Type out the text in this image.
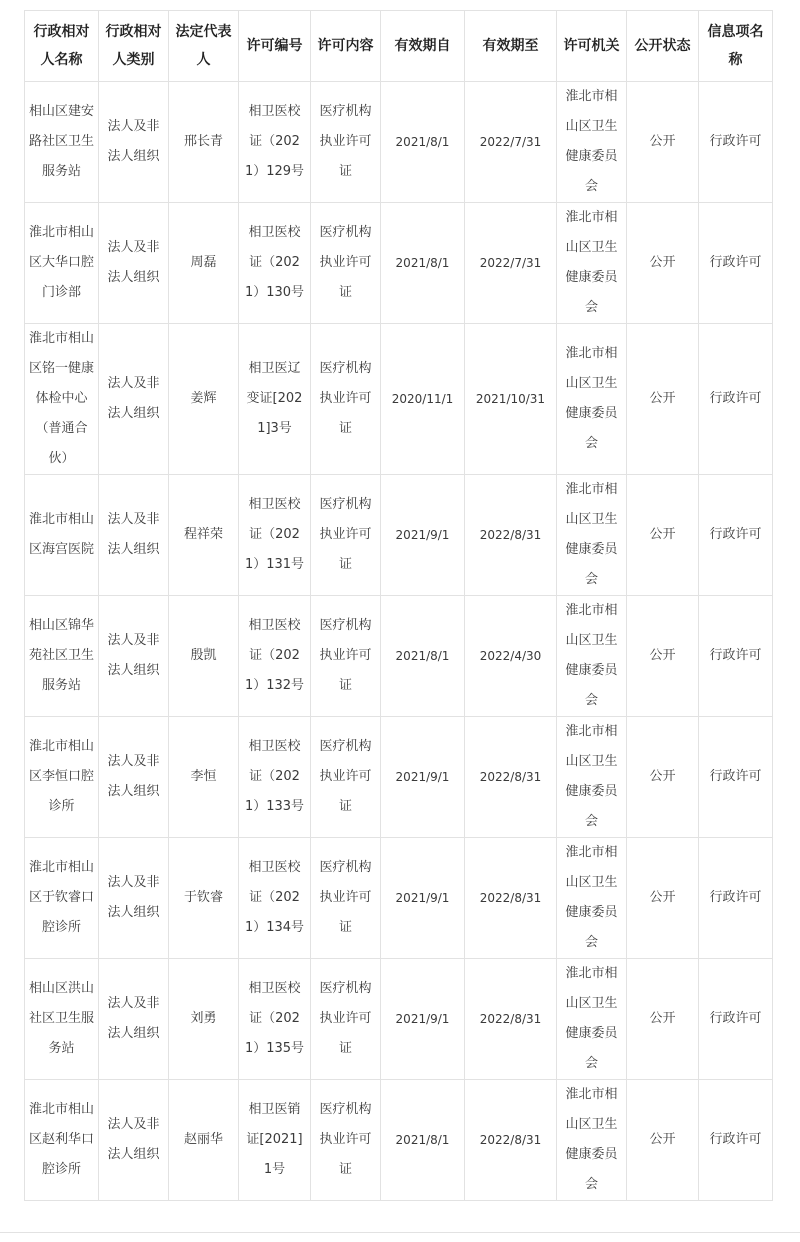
行政相对人名称	行政相对人类别	法定代表人	许可编号	许可内容	有效期自	有效期至	许可机关	公开状态	信息项名称

相山区建安路社区卫生服务站	法人及非法人组织	邢长青	相卫医校证（2021）129号	医疗机构执业许可证	2021/8/1	2022/7/31	淮北市相山区卫生健康委员会	公开	行政许可

淮北市相山区大华口腔门诊部	法人及非法人组织	周磊	相卫医校证（2021）130号	医疗机构执业许可证	2021/8/1	2022/7/31	淮北市相山区卫生健康委员会	公开	行政许可

淮北市相山区铭一健康体检中心（普通合伙）	法人及非法人组织	姜辉	相卫医辽变证[2021]3号	医疗机构执业许可证	2020/11/1	2021/10/31	淮北市相山区卫生健康委员会	公开	行政许可

淮北市相山区海宫医院	法人及非法人组织	程祥荣	相卫医校证（2021）131号	医疗机构执业许可证	2021/9/1	2022/8/31	淮北市相山区卫生健康委员会	公开	行政许可

相山区锦华苑社区卫生服务站	法人及非法人组织	殷凯	相卫医校证（2021）132号	医疗机构执业许可证	2021/8/1	2022/4/30	淮北市相山区卫生健康委员会	公开	行政许可

淮北市相山区李恒口腔诊所	法人及非法人组织	李恒	相卫医校证（2021）133号	医疗机构执业许可证	2021/9/1	2022/8/31	淮北市相山区卫生健康委员会	公开	行政许可

淮北市相山区于钦睿口腔诊所	法人及非法人组织	于钦睿	相卫医校证（2021）134号	医疗机构执业许可证	2021/9/1	2022/8/31	淮北市相山区卫生健康委员会	公开	行政许可

相山区洪山社区卫生服务站	法人及非法人组织	刘勇	相卫医校证（2021）135号	医疗机构执业许可证	2021/9/1	2022/8/31	淮北市相山区卫生健康委员会	公开	行政许可

淮北市相山区赵利华口腔诊所	法人及非法人组织	赵丽华	相卫医销证[2021]1号	医疗机构执业许可证	2021/8/1	2022/8/31	淮北市相山区卫生健康委员会	公开	行政许可
